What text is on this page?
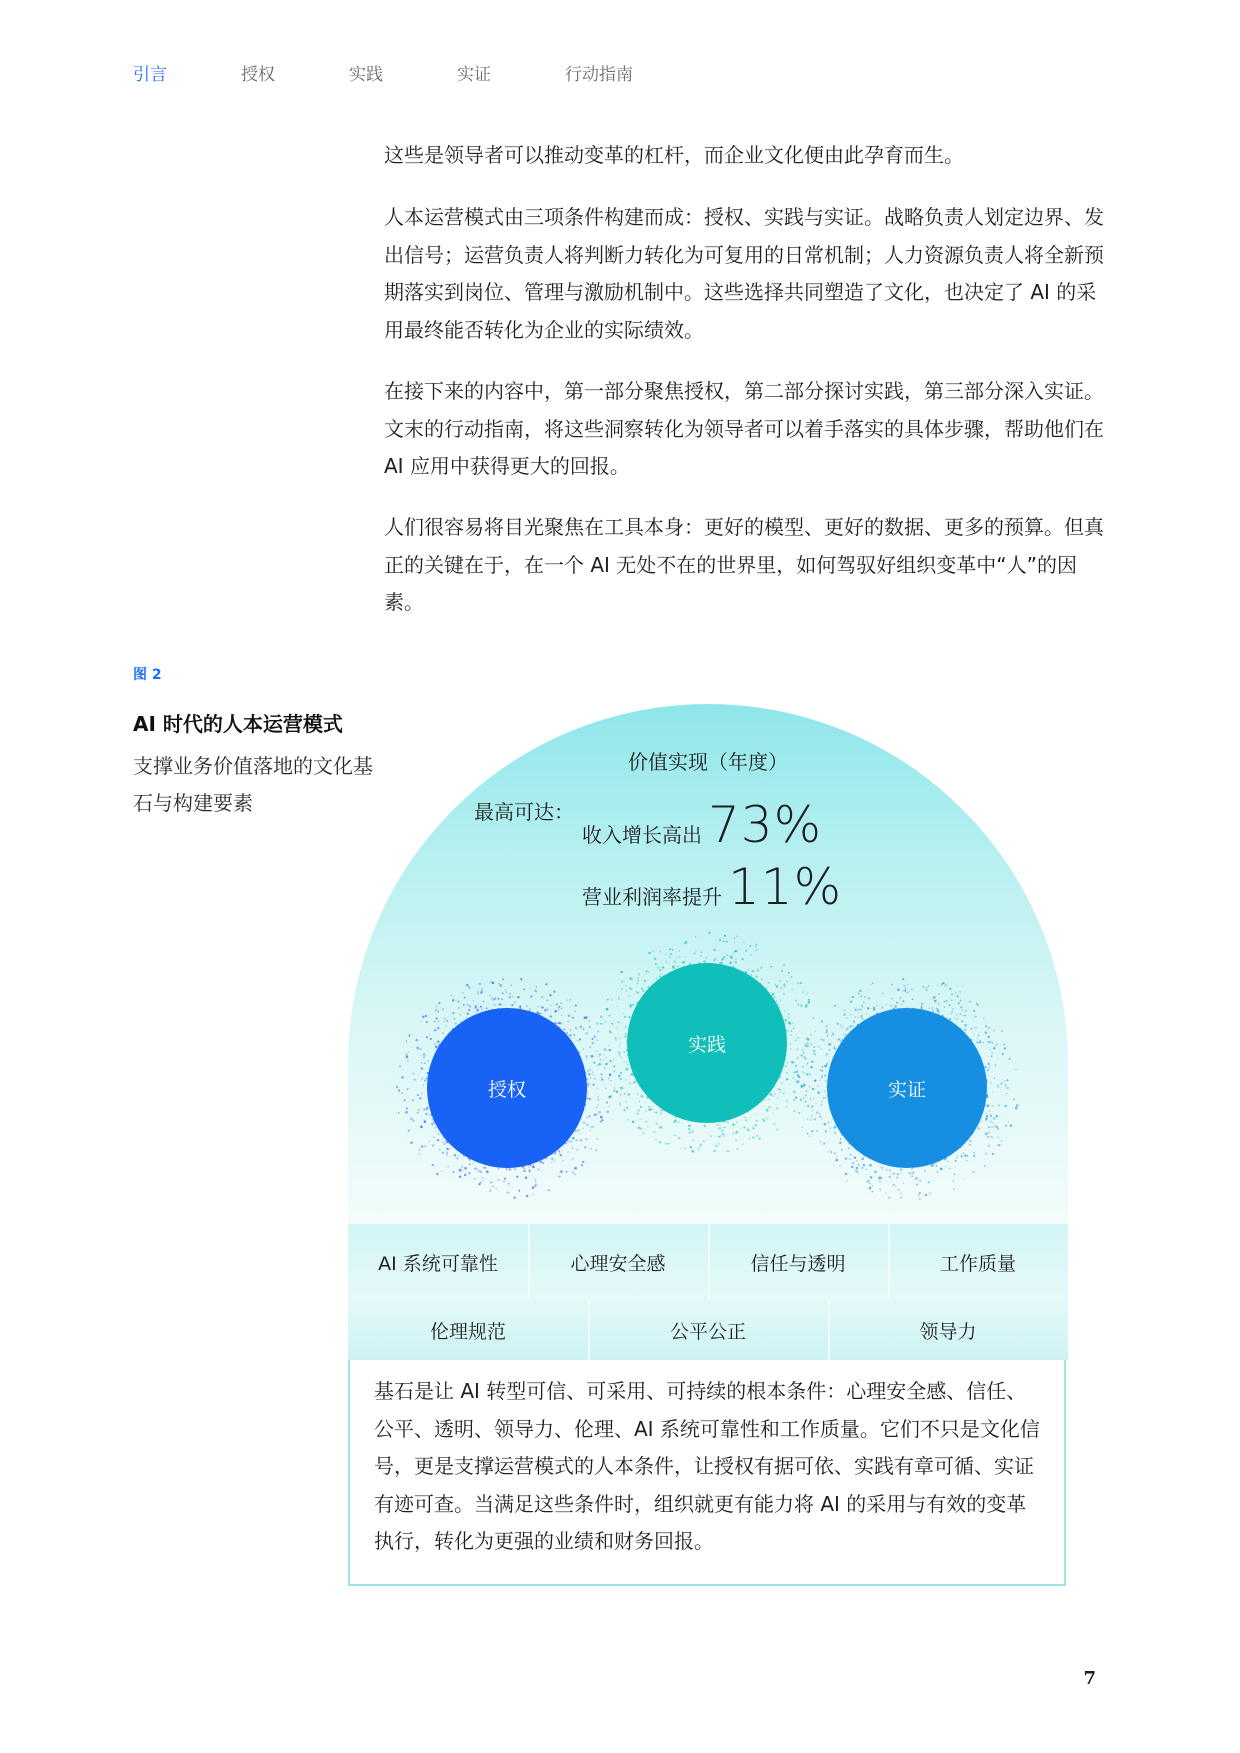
引言	授权	实践	实证	行动指南

这些是领导者可以推动变革的杠杆，而企业文化便由此孕育而生。

人本运营模式由三项条件构建而成：授权、实践与实证。战略负责人划定边界、发出信号；运营负责人将判断力转化为可复用的日常机制；人力资源负责人将全新预期落实到岗位、管理与激励机制中。这些选择共同塑造了文化，也决定了 AI 的采用最终能否转化为企业的实际绩效。

在接下来的内容中，第一部分聚焦授权，第二部分探讨实践，第三部分深入实证。文末的行动指南，将这些洞察转化为领导者可以着手落实的具体步骤，帮助他们在AI 应用中获得更大的回报。

人们很容易将目光聚焦在工具本身：更好的模型、更好的数据、更多的预算。但真正的关键在于，在一个 AI 无处不在的世界里，如何驾驭好组织变革中“人”的因素。

图 2
AI 时代的人本运营模式
支撑业务价值落地的文化基石与构建要素
价值实现（年度）
最高可达：
收入增长高出 73%
营业利润率提升 11%
授权
实践
实证
AI 系统可靠性	心理安全感	信任与透明	工作质量
伦理规范	公平公正	领导力
基石是让 AI 转型可信、可采用、可持续的根本条件：心理安全感、信任、公平、透明、领导力、伦理、AI 系统可靠性和工作质量。它们不只是文化信号，更是支撑运营模式的人本条件，让授权有据可依、实践有章可循、实证有迹可查。当满足这些条件时，组织就更有能力将 AI 的采用与有效的变革执行，转化为更强的业绩和财务回报。
7
